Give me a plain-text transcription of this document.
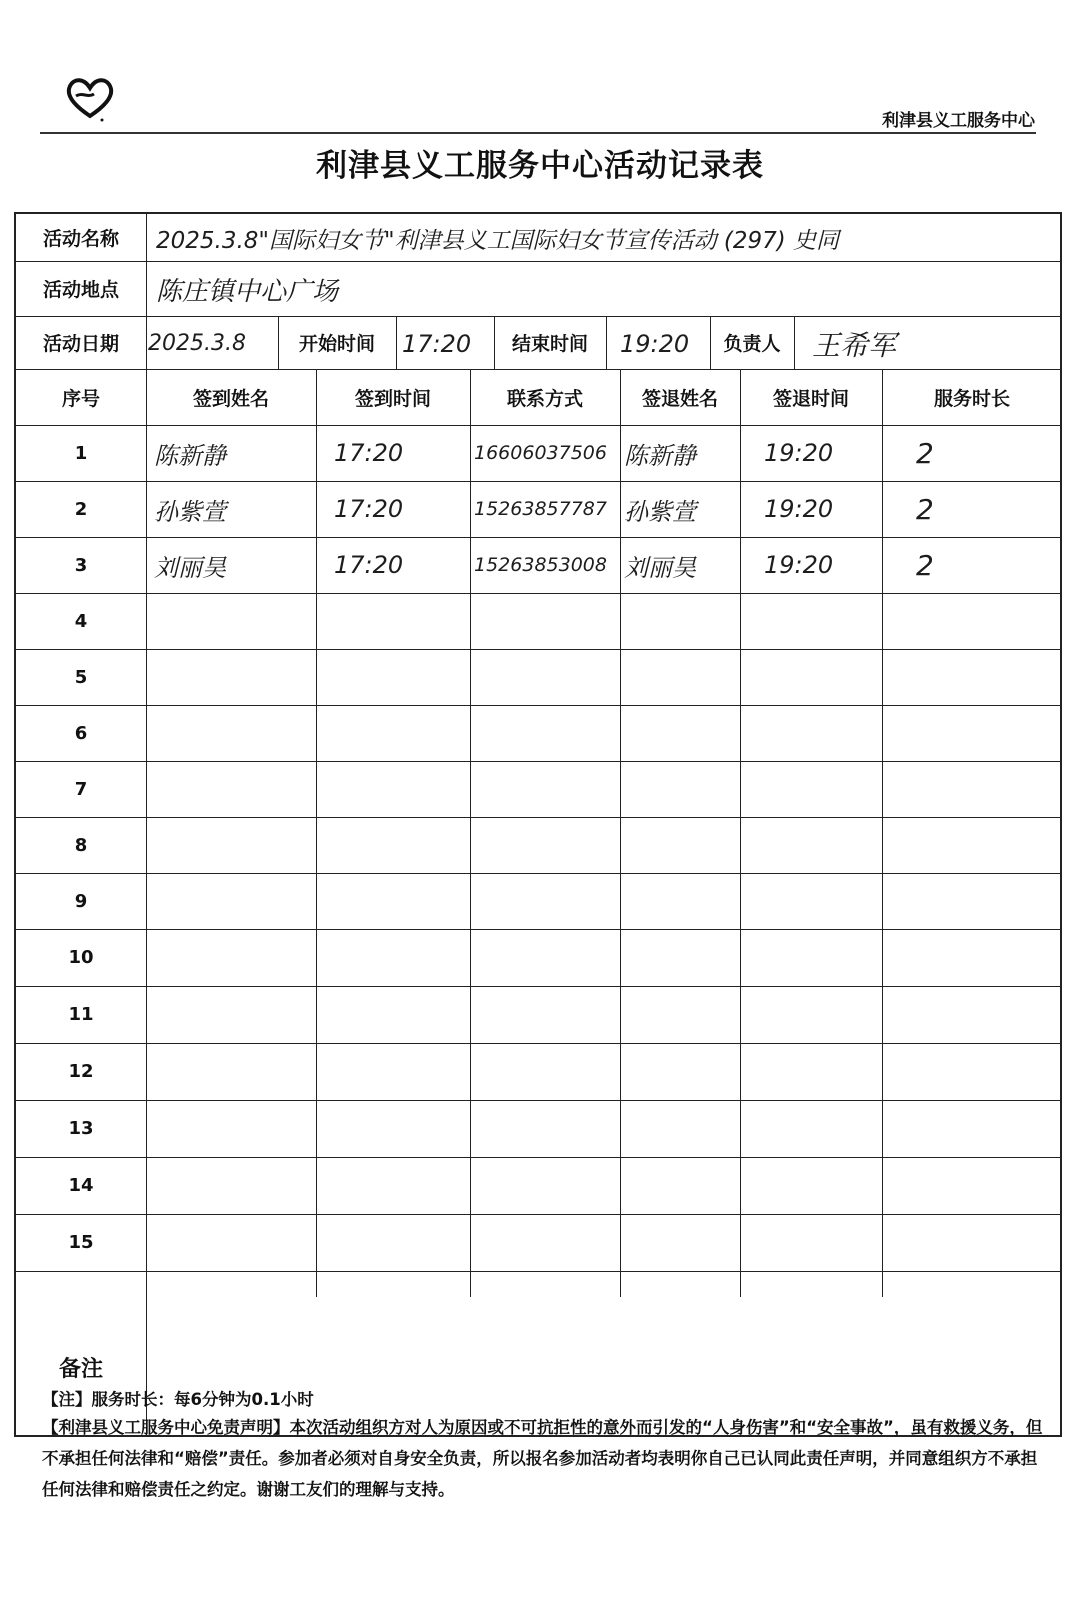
利津县义工服务中心
利津县义工服务中心活动记录表
活动名称	2025.3.8"国际妇女节"利津县义工国际妇女节宣传活动 (297) 史同
活动地点	陈庄镇中心广场
活动日期	2025.3.8	开始时间	17:20	结束时间	19:20	负责人	王希军
序号	签到姓名	签到时间	联系方式	签退姓名	签退时间	服务时长
1	陈新静	17:20	16606037506 陈新静	19:20	2
2	孙紫萱	17:20	15263857787 孙紫萱	19:20	2
3	刘丽昊	17:20	15263853008 刘丽昊	19:20	2
4
5
6
7
8
9
10
11
12
13
14
15
备注
【注】服务时长：每6分钟为0.1小时
【利津县义工服务中心免责声明】本次活动组织方对人为原因或不可抗拒性的意外而引发的“人身伤害”和“安全事故”，虽有救援义务，但不承担任何法律和“赔偿”责任。参加者必须对自身安全负责，所以报名参加活动者均表明你自己已认同此责任声明，并同意组织方不承担任何法律和赔偿责任之约定。谢谢工友们的理解与支持。
